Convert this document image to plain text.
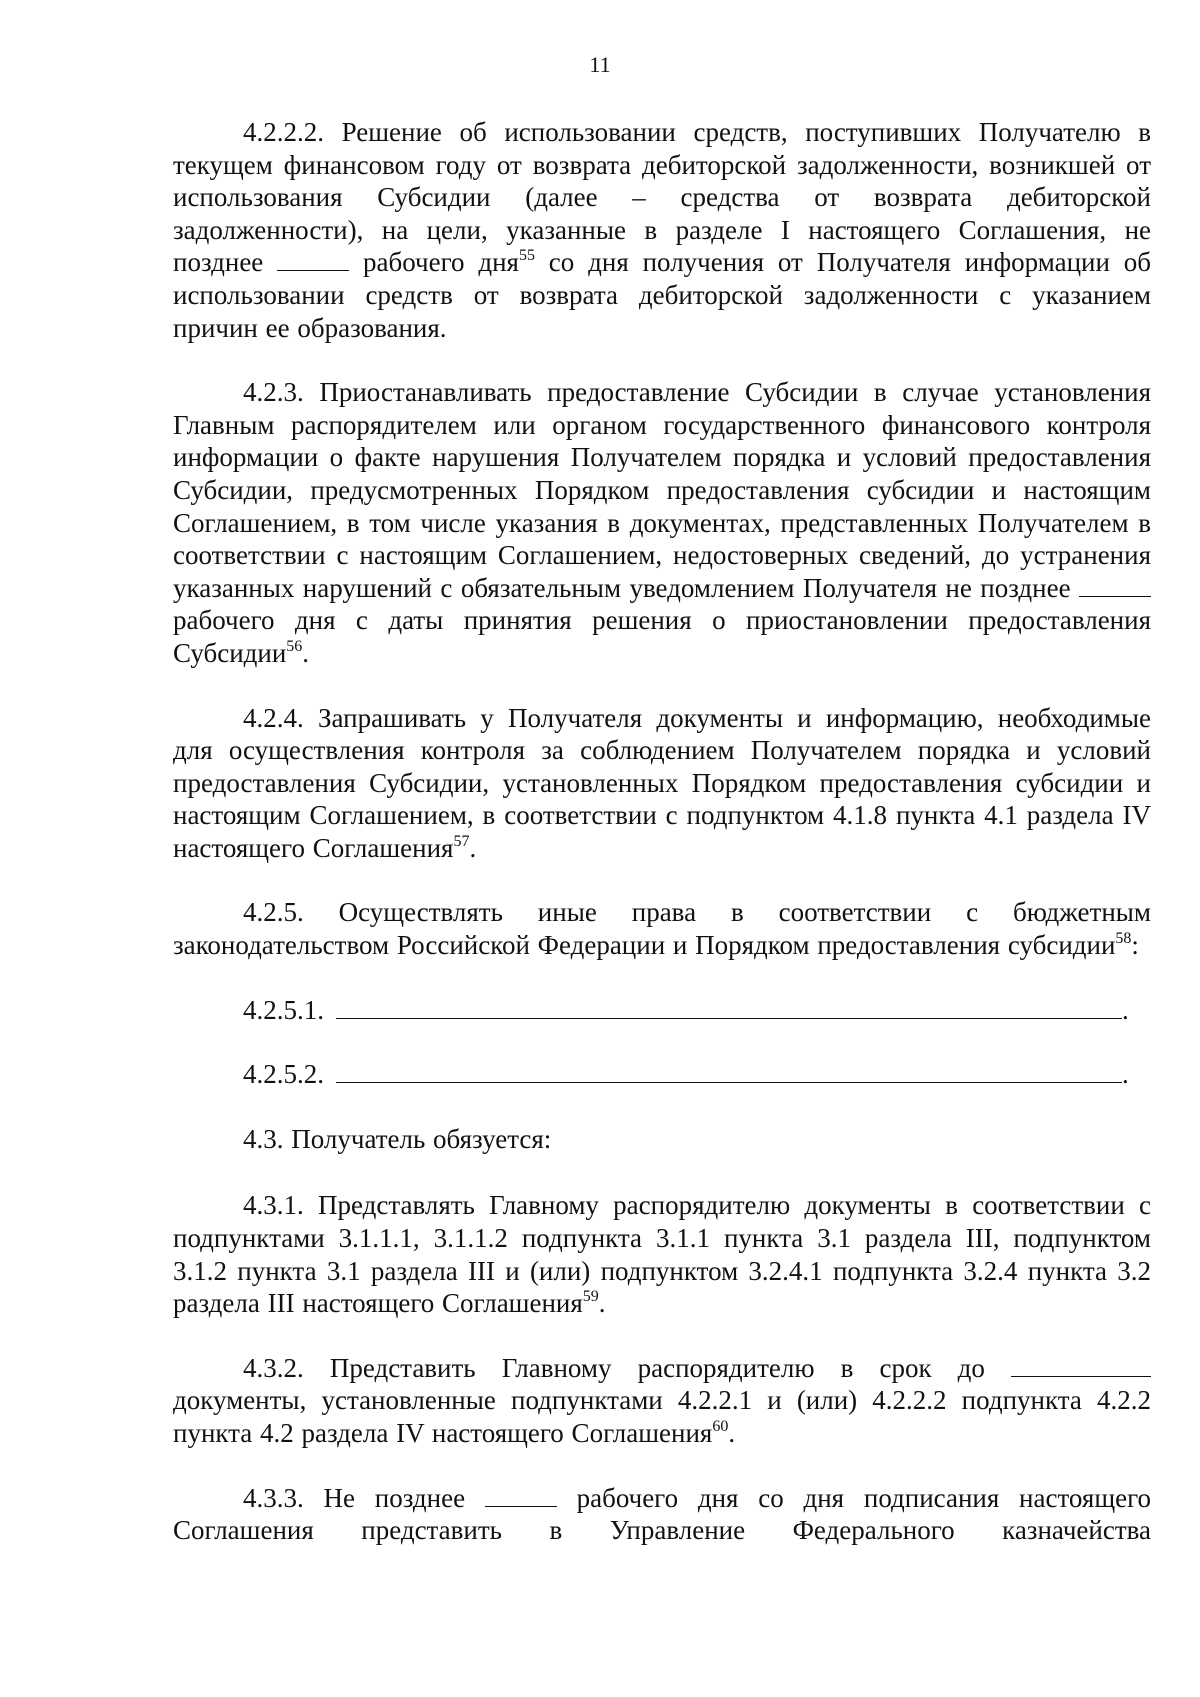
11

4.2.2.2. Решение об использовании средств, поступивших Получателю в текущем финансовом году от возврата дебиторской задолженности, возникшей от использования Субсидии (далее – средства от возврата дебиторской задолженности), на цели, указанные в разделе I настоящего Соглашения, не позднее	рабочего дня$^{55}$ со дня получения от Получателя информации об использовании средств от возврата дебиторской задолженности с указанием причин ее образования.

4.2.3. Приостанавливать предоставление Субсидии в случае установления Главным распорядителем или органом государственного финансового контроля информации о факте нарушения Получателем порядка и условий предоставления Субсидии, предусмотренных Порядком предоставления субсидии и настоящим Соглашением, в том числе указания в документах, представленных Получателем в соответствии с настоящим Соглашением, недостоверных сведений, до устранения указанных нарушений с обязательным уведомлением Получателя не позднее  рабочего дня с даты принятия решения о приостановлении предоставления Субсидии$^{56}$.

4.2.4. Запрашивать у Получателя документы и информацию, необходимые для осуществления контроля за соблюдением Получателем порядка и условий предоставления Субсидии, установленных Порядком предоставления субсидии и настоящим Соглашением, в соответствии с подпунктом 4.1.8 пункта 4.1 раздела IV настоящего Соглашения$^{57}$.

4.2.5. Осуществлять иные права в соответствии с бюджетным законодательством Российской Федерации и Порядком предоставления субсидии$^{58}$:

4.2.5.1.	.
4.2.5.2.	.

4.3. Получатель обязуется:

4.3.1. Представлять Главному распорядителю документы в соответствии с подпунктами 3.1.1.1, 3.1.1.2 подпункта 3.1.1 пункта 3.1 раздела III, подпунктом 3.1.2 пункта 3.1 раздела III и (или) подпунктом 3.2.4.1 подпункта 3.2.4 пункта 3.2 раздела III настоящего Соглашения$^{59}$.

4.3.2. Представить Главному распорядителю в срок до  документы, установленные подпунктами 4.2.2.1 и (или) 4.2.2.2 подпункта 4.2.2 пункта 4.2 раздела IV настоящего Соглашения$^{60}$.

4.3.3. Не позднее	рабочего дня со дня подписания настоящего Соглашения представить в Управление Федерального казначейства
